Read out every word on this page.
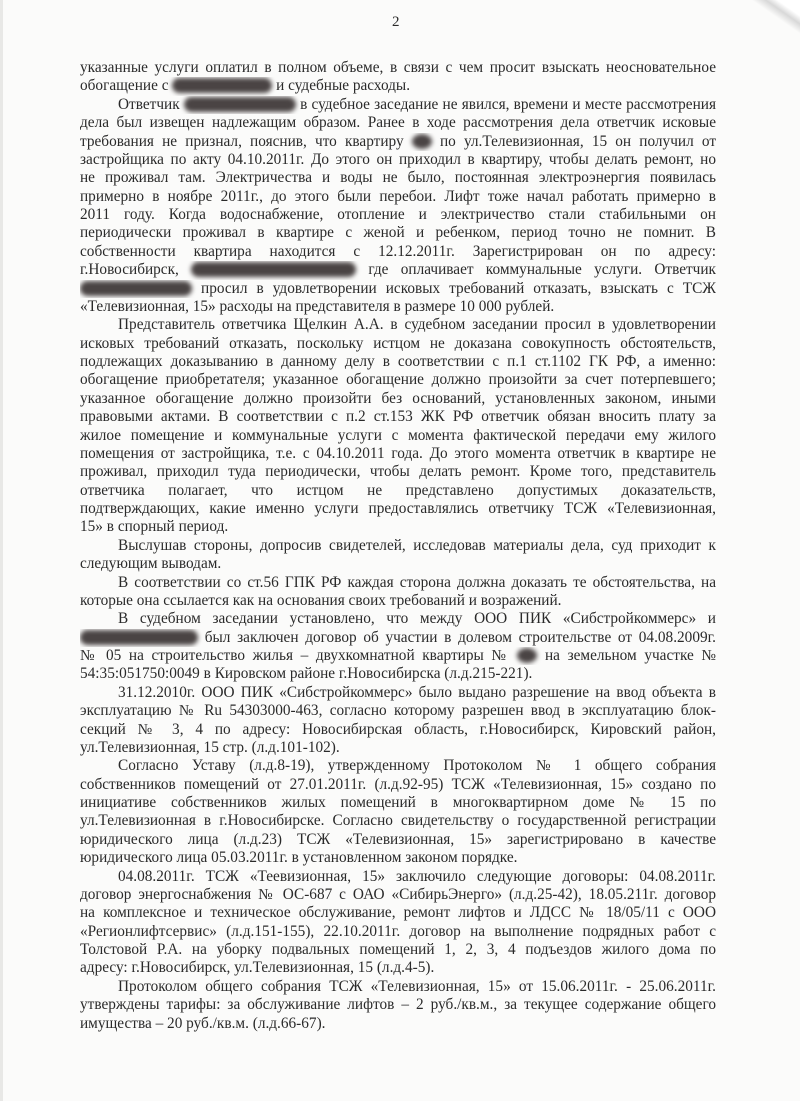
2
указанные услуги оплатил в полном объеме, в связи с чем просит взыскать неосновательное
обогащение с	и судебные расходы.
Ответчик	в судебное заседание не явился, времени и месте рассмотрения
дела был извещен надлежащим образом. Ранее в ходе рассмотрения дела ответчик исковые
требования не признал, пояснив, что квартиру  по ул.Телевизионная, 15 он получил от
застройщика по акту 04.10.2011г. До этого он приходил в квартиру, чтобы делать ремонт, но
не проживал там. Электричества и воды не было, постоянная электроэнергия появилась
примерно в ноябре 2011г., до этого были перебои. Лифт тоже начал работать примерно в
2011 году. Когда водоснабжение, отопление и электричество стали стабильными он
периодически проживал в квартире с женой и ребенком, период точно не помнит. В
собственности квартира находится с 12.12.2011г. Зарегистрирован он по адресу:
г.Новосибирск,	где оплачивает коммунальные услуги. Ответчик
просил в удовлетворении исковых требований отказать, взыскать с ТСЖ
«Телевизионная, 15» расходы на представителя в размере 10 000 рублей.
Представитель ответчика Щелкин А.А. в судебном заседании просил в удовлетворении
исковых требований отказать, поскольку истцом не доказана совокупность обстоятельств,
подлежащих доказыванию в данному делу в соответствии с п.1 ст.1102 ГК РФ, а именно:
обогащение приобретателя; указанное обогащение должно произойти за счет потерпевшего;
указанное обогащение должно произойти без оснований, установленных законом, иными
правовыми актами. В соответствии с п.2 ст.153 ЖК РФ ответчик обязан вносить плату за
жилое помещение и коммунальные услуги с момента фактической передачи ему жилого
помещения от застройщика, т.е. с 04.10.2011 года. До этого момента ответчик в квартире не
проживал, приходил туда периодически, чтобы делать ремонт. Кроме того, представитель
ответчика полагает, что истцом не представлено допустимых доказательств,
подтверждающих, какие именно услуги предоставлялись ответчику ТСЖ «Телевизионная,
15» в спорный период.
Выслушав стороны, допросив свидетелей, исследовав материалы дела, суд приходит к
следующим выводам.
В соответствии со ст.56 ГПК РФ каждая сторона должна доказать те обстоятельства, на
которые она ссылается как на основания своих требований и возражений.
В судебном заседании установлено, что между ООО ПИК «Сибстройкоммерс» и
был заключен договор об участии в долевом строительстве от 04.08.2009г.
№ 05 на строительство жилья – двухкомнатной квартиры №  на земельном участке №
54:35:051750:0049 в Кировском районе г.Новосибирска (л.д.215-221).
31.12.2010г. ООО ПИК «Сибстройкоммерс» было выдано разрешение на ввод объекта в
эксплуатацию № Ru 54303000-463, согласно которому разрешен ввод в эксплуатацию блок-
секций № 3, 4 по адресу: Новосибирская область, г.Новосибирск, Кировский район,
ул.Телевизионная, 15 стр. (л.д.101-102).
Согласно Уставу (л.д.8-19), утвержденному Протоколом № 1 общего собрания
собственников помещений от 27.01.2011г. (л.д.92-95) ТСЖ «Телевизионная, 15» создано по
инициативе собственников жилых помещений в многоквартирном доме № 15 по
ул.Телевизионная в г.Новосибирске. Согласно свидетельству о государственной регистрации
юридического лица (л.д.23) ТСЖ «Телевизионная, 15» зарегистрировано в качестве
юридического лица 05.03.2011г. в установленном законом порядке.
04.08.2011г. ТСЖ «Теевизионная, 15» заключило следующие договоры: 04.08.2011г.
договор энергоснабжения № ОС-687 с ОАО «СибирьЭнерго» (л.д.25-42), 18.05.211г. договор
на комплексное и техническое обслуживание, ремонт лифтов и ЛДСС № 18/05/11 с ООО
«Регионлифтсервис» (л.д.151-155), 22.10.2011г. договор на выполнение подрядных работ с
Толстовой Р.А. на уборку подвальных помещений 1, 2, 3, 4 подъездов жилого дома по
адресу: г.Новосибирск, ул.Телевизионная, 15 (л.д.4-5).
Протоколом общего собрания ТСЖ «Телевизионная, 15» от 15.06.2011г. - 25.06.2011г.
утверждены тарифы: за обслуживание лифтов – 2 руб./кв.м., за текущее содержание общего
имущества – 20 руб./кв.м. (л.д.66-67).
